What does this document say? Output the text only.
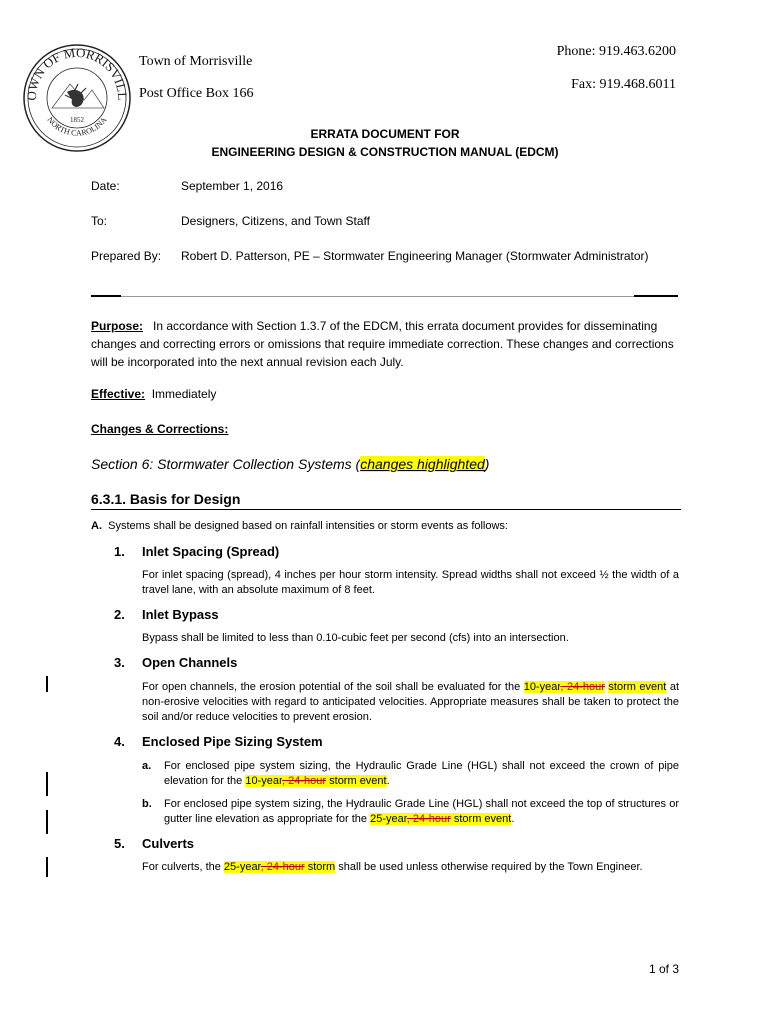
OWN OF MORRISVILL
NORTH CAROLINA
1852
Town of Morrisville
Post Office Box 166
Phone: 919.463.6200
Fax: 919.468.6011
ERRATA DOCUMENT FOR
ENGINEERING DESIGN & CONSTRUCTION MANUAL (EDCM)
Date:	September 1, 2016
To:	Designers, Citizens, and Town Staff
Prepared By: Robert D. Patterson, PE – Stormwater Engineering Manager (Stormwater Administrator)
Purpose: In accordance with Section 1.3.7 of the EDCM, this errata document provides for disseminating changes and correcting errors or omissions that require immediate correction. These changes and corrections will be incorporated into the next annual revision each July.
Effective: Immediately
Changes & Corrections:
Section 6: Stormwater Collection Systems (changes highlighted)
6.3.1. Basis for Design
A. Systems shall be designed based on rainfall intensities or storm events as follows:
1. Inlet Spacing (Spread)
For inlet spacing (spread), 4 inches per hour storm intensity. Spread widths shall not exceed ½ the width of a travel lane, with an absolute maximum of 8 feet.
2. Inlet Bypass
Bypass shall be limited to less than 0.10-cubic feet per second (cfs) into an intersection.
3. Open Channels
For open channels, the erosion potential of the soil shall be evaluated for the 10-year, 24-hour storm event at non-erosive velocities with regard to anticipated velocities. Appropriate measures shall be taken to protect the soil and/or reduce velocities to prevent erosion.
4. Enclosed Pipe Sizing System
a. For enclosed pipe system sizing, the Hydraulic Grade Line (HGL) shall not exceed the crown of pipe elevation for the 10-year, 24-hour storm event.
b. For enclosed pipe system sizing, the Hydraulic Grade Line (HGL) shall not exceed the top of structures or gutter line elevation as appropriate for the 25-year, 24-hour storm event.
5. Culverts
For culverts, the 25-year, 24-hour storm shall be used unless otherwise required by the Town Engineer.
1 of 3
